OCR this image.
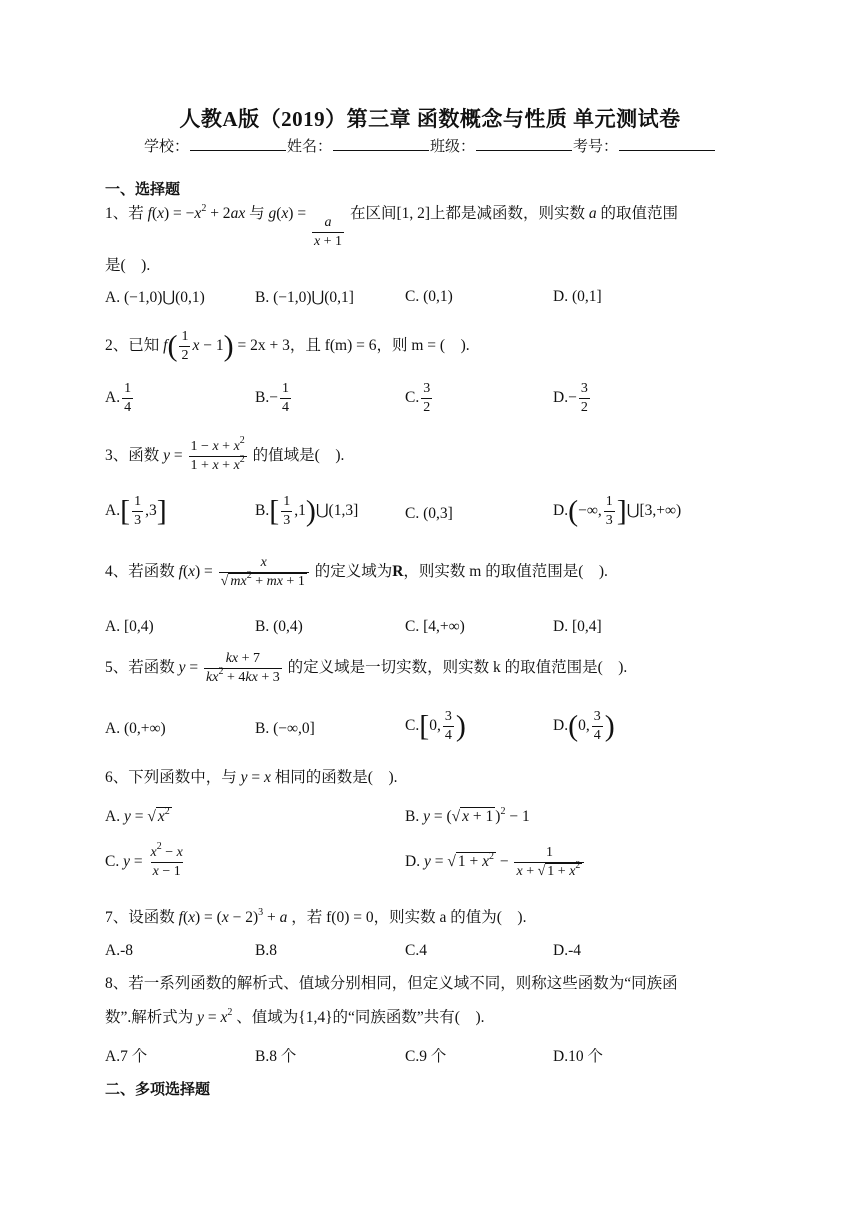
人教A版（2019）第三章 函数概念与性质 单元测试卷
学校：	姓名：	班级：	考号：
一、选择题
1、若 $f(x) = -x^2 + 2ax$ 与 g(x) =
$\frac{a}{x + 1}$
在区间[1, 2]上都是减函数，则实数 a 的取值范围
是(　).
A. (−1,0)⋃(0,1)	B. (−1,0)⋃(0,1]	C. (0,1)	D. (0,1]
2、已知 $f( \frac{1}{2}$ x − 1) = 2x + 3，且 f(m) = 6，则 m = (　).
A. $\frac{1}{4}$	$B.- \frac{1}{4}$	C. $\frac{3}{2}$	$D.- \frac{3}{2}$
3、函数 $y = \frac{1 - x + x^2}{1 + x + x^2}$ 的值域是(　).
$A.[ \frac{1}{3} ,3]$	$B.[ \frac{1}{3}$ ,1)⋃(1,3]	C. (0,3]	D.(−∞, $\frac{1}{3}$ ]⋃[3,+∞)
4、若函数 $f(x) = \frac{x}{√ mx^2 + mx + 1}$ 的定义域为R，则实数 m 的取值范围是(　).
A. [0,4)	B. (0,4)	C. [4,+∞)	D. [0,4]
5、若函数 $y = \frac{kx + 7}{kx^2 + 4kx + 3}$ 的定义域是一切实数，则实数 k 的取值范围是(　).
A. (0,+∞)	B. (−∞,0]	C.[0, $\frac{3}{4}$ )	D.(0, $\frac{3}{4}$ )
6、下列函数中，与 y = x 相同的函数是(　).
A. y = √ $x^2$	B. y = (√ x + 1 )$^2$ − 1
C. $y = \frac{x^2 - x}{x - 1}$	D. y = √ $1 + x^2 - \frac{1}{x + √ 1 + x^2}$
7、设函数 $f(x) = (x - 2)^3 + a$ ，若 f(0) = 0，则实数 a 的值为(　).
A.-8	B.8	C.4	D.-4
8、若一系列函数的解析式、值域分别相同，但定义域不同，则称这些函数为“同族函
数”.解析式为 $y = x^2$ 、值域为{1,4}的“同族函数”共有(　).
A.7 个	B.8 个	C.9 个	D.10 个
二、多项选择题
